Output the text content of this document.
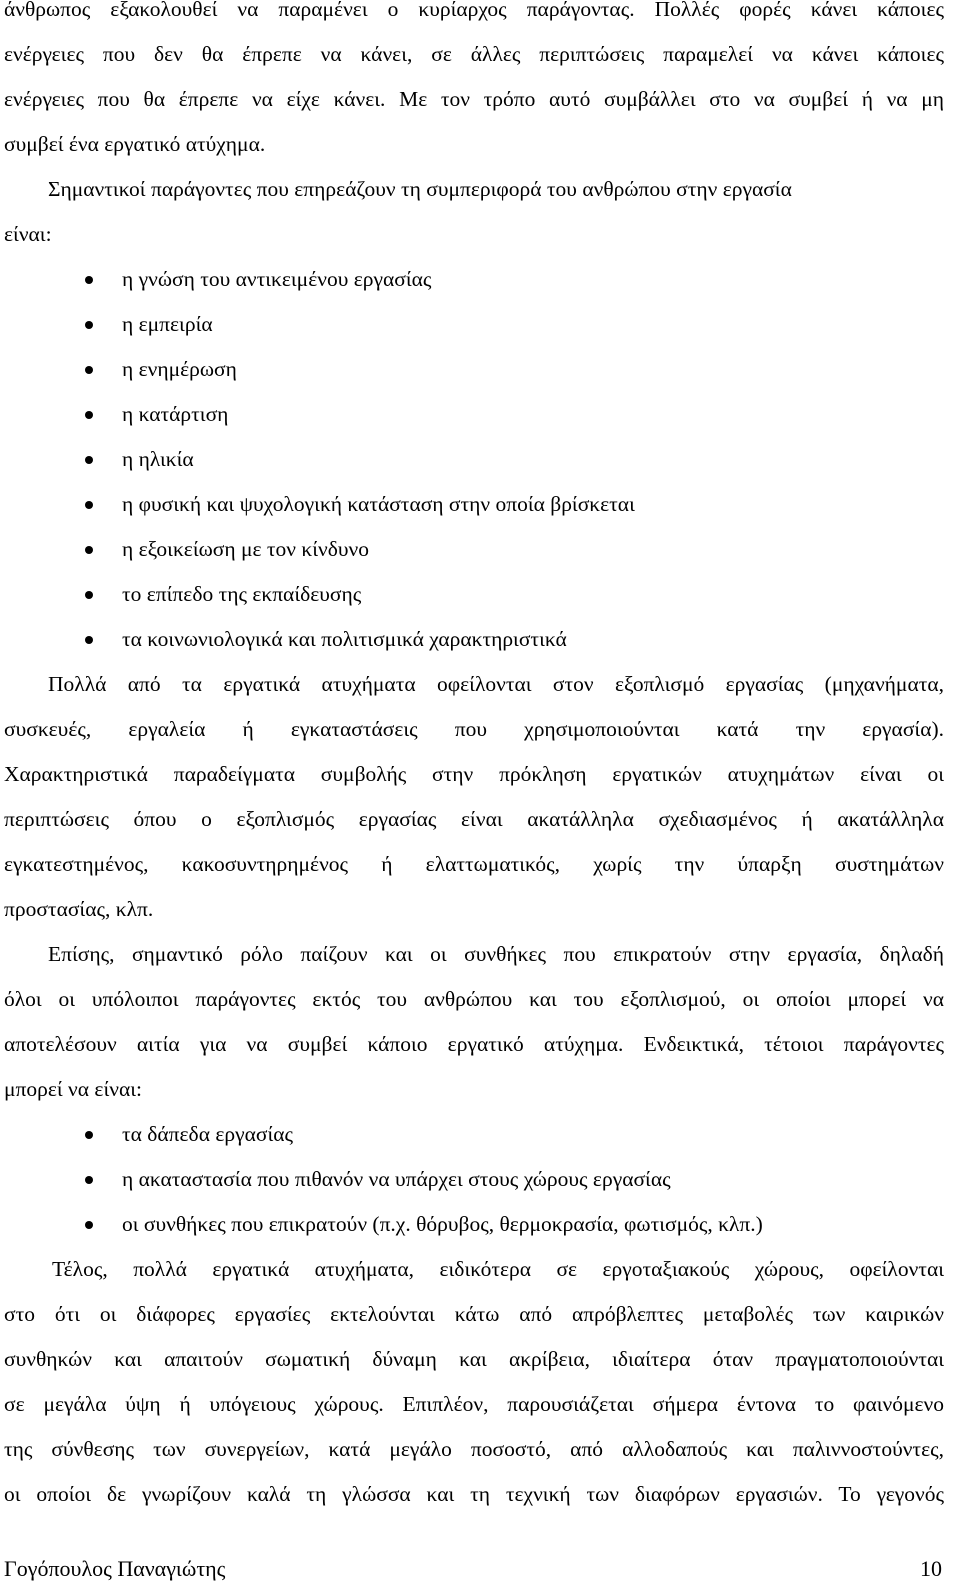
άνθρωπος εξακολουθεί να παραμένει ο κυρίαρχος παράγοντας. Πολλές φορές κάνει κάποιες
ενέργειες που δεν θα έπρεπε να κάνει, σε άλλες περιπτώσεις παραμελεί να κάνει κάποιες
ενέργειες που θα έπρεπε να είχε κάνει. Με τον τρόπο αυτό συμβάλλει στο να συμβεί ή να μη
συμβεί ένα εργατικό ατύχημα.
Σημαντικοί παράγοντες που επηρεάζουν τη συμπεριφορά του ανθρώπου στην εργασία
είναι:
η γνώση του αντικειμένου εργασίας
η εμπειρία
η ενημέρωση
η κατάρτιση
η ηλικία
η φυσική και ψυχολογική κατάσταση στην οποία βρίσκεται
η εξοικείωση με τον κίνδυνο
το επίπεδο της εκπαίδευσης
τα κοινωνιολογικά και πολιτισμικά χαρακτηριστικά
Πολλά από τα εργατικά ατυχήματα οφείλονται στον εξοπλισμό εργασίας (μηχανήματα,
συσκευές, εργαλεία ή εγκαταστάσεις που χρησιμοποιούνται κατά την εργασία).
Χαρακτηριστικά παραδείγματα συμβολής στην πρόκληση εργατικών ατυχημάτων είναι οι
περιπτώσεις όπου ο εξοπλισμός εργασίας είναι ακατάλληλα σχεδιασμένος ή ακατάλληλα
εγκατεστημένος, κακοσυντηρημένος ή ελαττωματικός, χωρίς την ύπαρξη συστημάτων
προστασίας, κλπ.
Επίσης, σημαντικό ρόλο παίζουν και οι συνθήκες που επικρατούν στην εργασία, δηλαδή
όλοι οι υπόλοιποι παράγοντες εκτός του ανθρώπου και του εξοπλισμού, οι οποίοι μπορεί να
αποτελέσουν αιτία για να συμβεί κάποιο εργατικό ατύχημα. Ενδεικτικά, τέτοιοι παράγοντες
μπορεί να είναι:
τα δάπεδα εργασίας
η ακαταστασία που πιθανόν να υπάρχει στους χώρους εργασίας
οι συνθήκες που επικρατούν (π.χ. θόρυβος, θερμοκρασία, φωτισμός, κλπ.)
Τέλος, πολλά εργατικά ατυχήματα, ειδικότερα σε εργοταξιακούς χώρους, οφείλονται
στο ότι οι διάφορες εργασίες εκτελούνται κάτω από απρόβλεπτες μεταβολές των καιρικών
συνθηκών και απαιτούν σωματική δύναμη και ακρίβεια, ιδιαίτερα όταν πραγματοποιούνται
σε μεγάλα ύψη ή υπόγειους χώρους. Επιπλέον, παρουσιάζεται σήμερα έντονα το φαινόμενο
της σύνθεσης των συνεργείων, κατά μεγάλο ποσοστό, από αλλοδαπούς και παλιννοστούντες,
οι οποίοι δε γνωρίζουν καλά τη γλώσσα και τη τεχνική των διαφόρων εργασιών. Το γεγονός
Γογόπουλος Παναγιώτης	10
